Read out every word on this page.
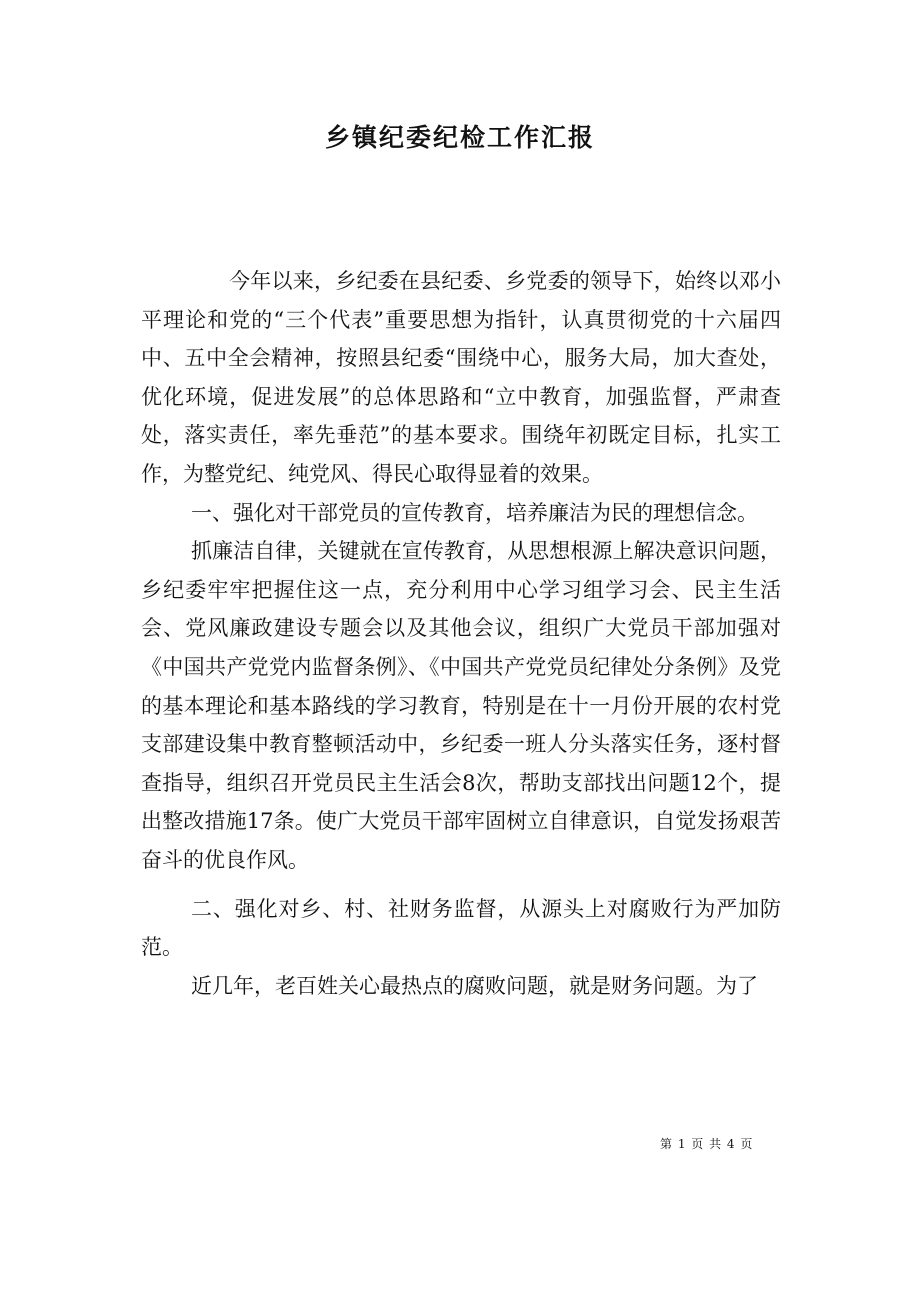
乡镇纪委纪检工作汇报

今年以来，乡纪委在县纪委、乡党委的领导下，始终以邓小平理论和党的“三个代表”重要思想为指针，认真贯彻党的十六届四中、五中全会精神，按照县纪委“围绕中心，服务大局，加大查处，优化环境，促进发展”的总体思路和“立中教育，加强监督，严肃查处，落实责任，率先垂范”的基本要求。围绕年初既定目标，扎实工作，为整党纪、纯党风、得民心取得显着的效果。

一、强化对干部党员的宣传教育，培养廉洁为民的理想信念。

抓廉洁自律，关键就在宣传教育，从思想根源上解决意识问题，乡纪委牢牢把握住这一点，充分利用中心学习组学习会、民主生活会、党风廉政建设专题会以及其他会议，组织广大党员干部加强对《中国共产党党内监督条例》、《中国共产党党员纪律处分条例》及党的基本理论和基本路线的学习教育，特别是在十一月份开展的农村党支部建设集中教育整顿活动中，乡纪委一班人分头落实任务，逐村督查指导，组织召开党员民主生活会8次，帮助支部找出问题12个，提出整改措施17条。使广大党员干部牢固树立自律意识，自觉发扬艰苦奋斗的优良作风。

二、强化对乡、村、社财务监督，从源头上对腐败行为严加防范。

近几年，老百姓关心最热点的腐败问题，就是财务问题。为了

第 1 页 共 4 页
